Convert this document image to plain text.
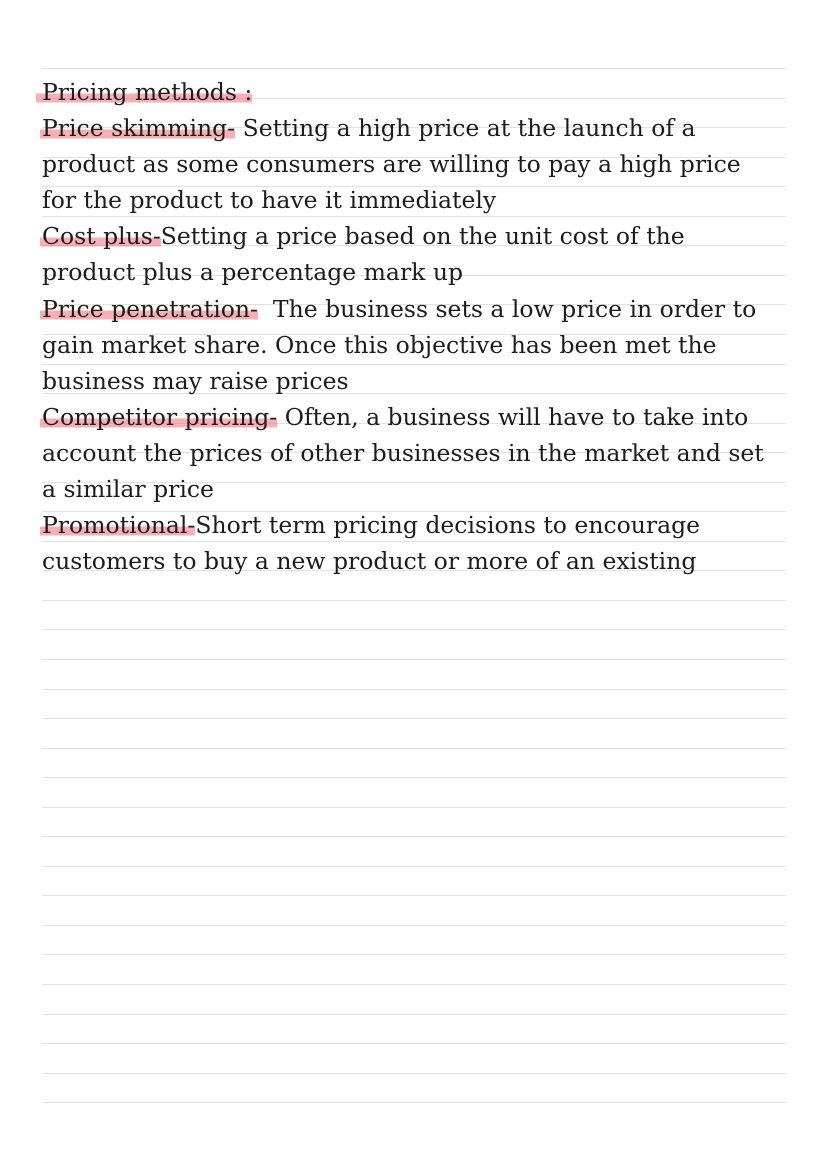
Pricing methods :
Price skimming- Setting a high price at the launch of a
product as some consumers are willing to pay a high price
for the product to have it immediately
Cost plus-Setting a price based on the unit cost of the
product plus a percentage mark up
Price penetration-  The business sets a low price in order to
gain market share. Once this objective has been met the
business may raise prices
Competitor pricing- Often, a business will have to take into
account the prices of other businesses in the market and set
a similar price
Promotional-Short term pricing decisions to encourage
customers to buy a new product or more of an existing
